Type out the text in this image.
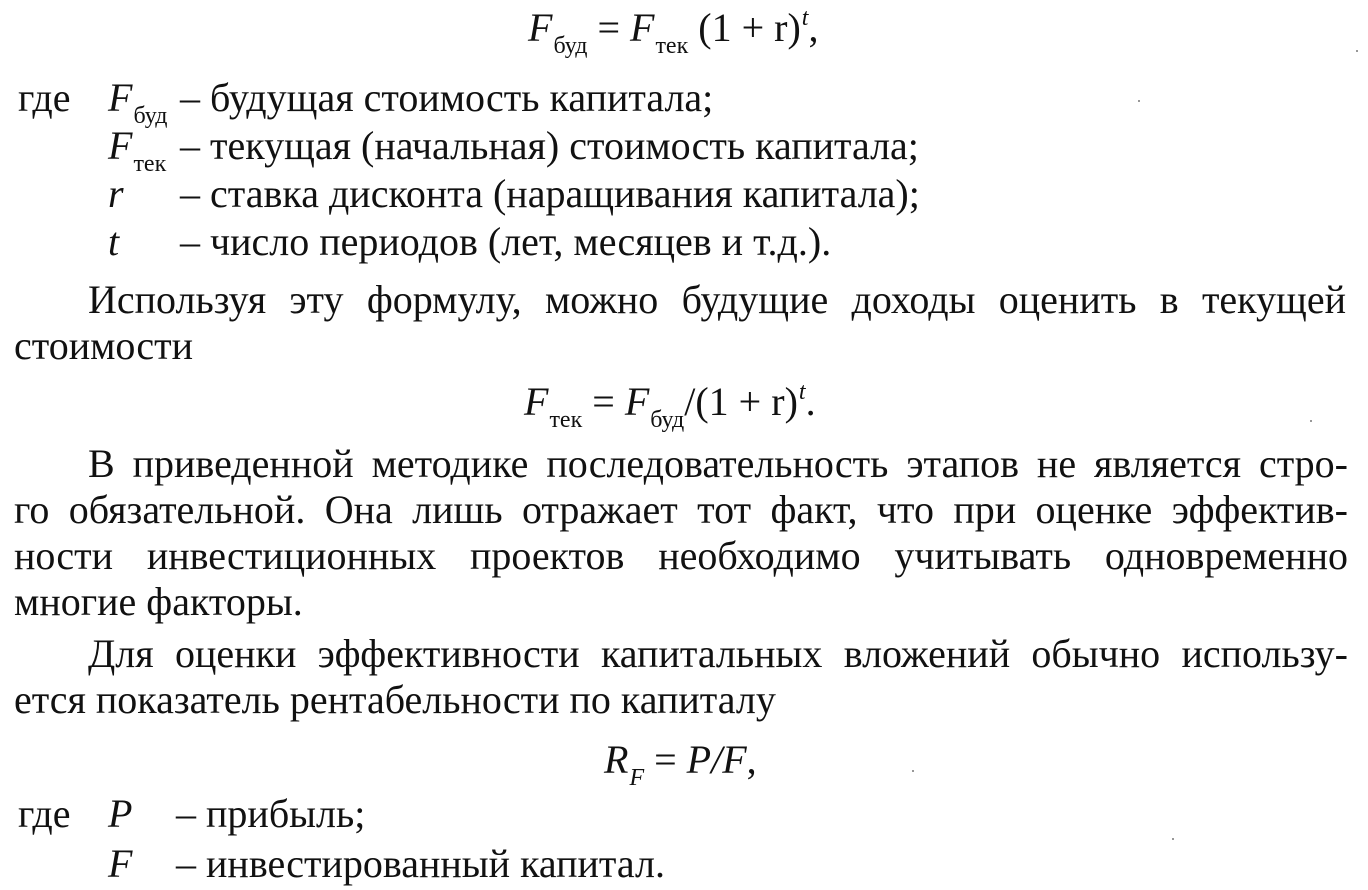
$F_{буд} = F_{тек}$ $(1 + r)^t$,
где $F_{буд}$ – будущая стоимость капитала;
$F_{тек}$ – текущая (начальная) стоимость капитала;
r – ставка дисконта (наращивания капитала);
t – число периодов (лет, месяцев и т.д.).
Используя эту формулу, можно будущие доходы оценить в текущей
стоимости
$F_{тек} = F_{буд}/(1 + r)^t$.
В приведенной методике последовательность этапов не является стро-
го обязательной. Она лишь отражает тот факт, что при оценке эффектив-
ности инвестиционных проектов необходимо учитывать одновременно
многие факторы.
Для оценки эффективности капитальных вложений обычно использу-
ется показатель рентабельности по капиталу
$R_F = P/F$,
где P – прибыль;
F – инвестированный капитал.
